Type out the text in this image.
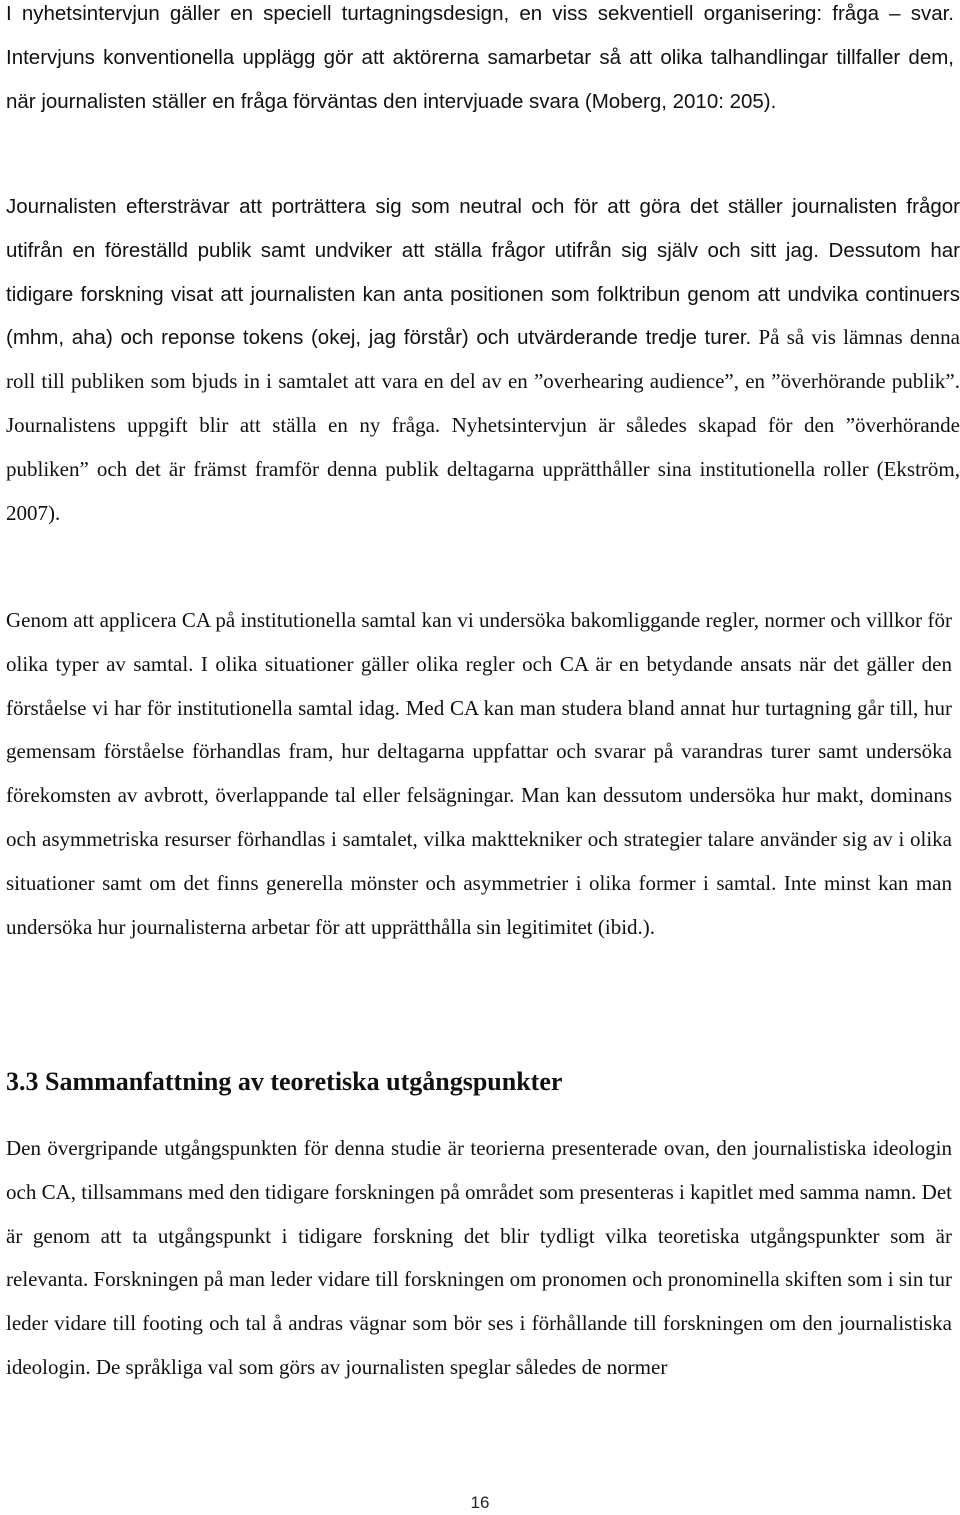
I nyhetsintervjun gäller en speciell turtagningsdesign, en viss sekventiell organisering: fråga – svar. Intervjuns konventionella upplägg gör att aktörerna samarbetar så att olika talhandlingar tillfaller dem, när journalisten ställer en fråga förväntas den intervjuade svara (Moberg, 2010: 205).

Journalisten eftersträvar att porträttera sig som neutral och för att göra det ställer journalisten frågor utifrån en föreställd publik samt undviker att ställa frågor utifrån sig själv och sitt jag. Dessutom har tidigare forskning visat att journalisten kan anta positionen som folktribun genom att undvika continuers (mhm, aha) och reponse tokens (okej, jag förstår) och utvärderande tredje turer. På så vis lämnas denna roll till publiken som bjuds in i samtalet att vara en del av en ”overhearing audience”, en ”överhörande publik”. Journalistens uppgift blir att ställa en ny fråga. Nyhetsintervjun är således skapad för den ”överhörande publiken” och det är främst framför denna publik deltagarna upprätthåller sina institutionella roller (Ekström, 2007).

Genom att applicera CA på institutionella samtal kan vi undersöka bakomliggande regler, normer och villkor för olika typer av samtal. I olika situationer gäller olika regler och CA är en betydande ansats när det gäller den förståelse vi har för institutionella samtal idag. Med CA kan man studera bland annat hur turtagning går till, hur gemensam förståelse förhandlas fram, hur deltagarna uppfattar och svarar på varandras turer samt undersöka förekomsten av avbrott, överlappande tal eller felsägningar. Man kan dessutom undersöka hur makt, dominans och asymmetriska resurser förhandlas i samtalet, vilka makttekniker och strategier talare använder sig av i olika situationer samt om det finns generella mönster och asymmetrier i olika former i samtal. Inte minst kan man undersöka hur journalisterna arbetar för att upprätthålla sin legitimitet (ibid.).

3.3 Sammanfattning av teoretiska utgångspunkter

Den övergripande utgångspunkten för denna studie är teorierna presenterade ovan, den journalistiska ideologin och CA, tillsammans med den tidigare forskningen på området som presenteras i kapitlet med samma namn. Det är genom att ta utgångspunkt i tidigare forskning det blir tydligt vilka teoretiska utgångspunkter som är relevanta. Forskningen på man leder vidare till forskningen om pronomen och pronominella skiften som i sin tur leder vidare till footing och tal å andras vägnar som bör ses i förhållande till forskningen om den journalistiska ideologin. De språkliga val som görs av journalisten speglar således de normer

16
